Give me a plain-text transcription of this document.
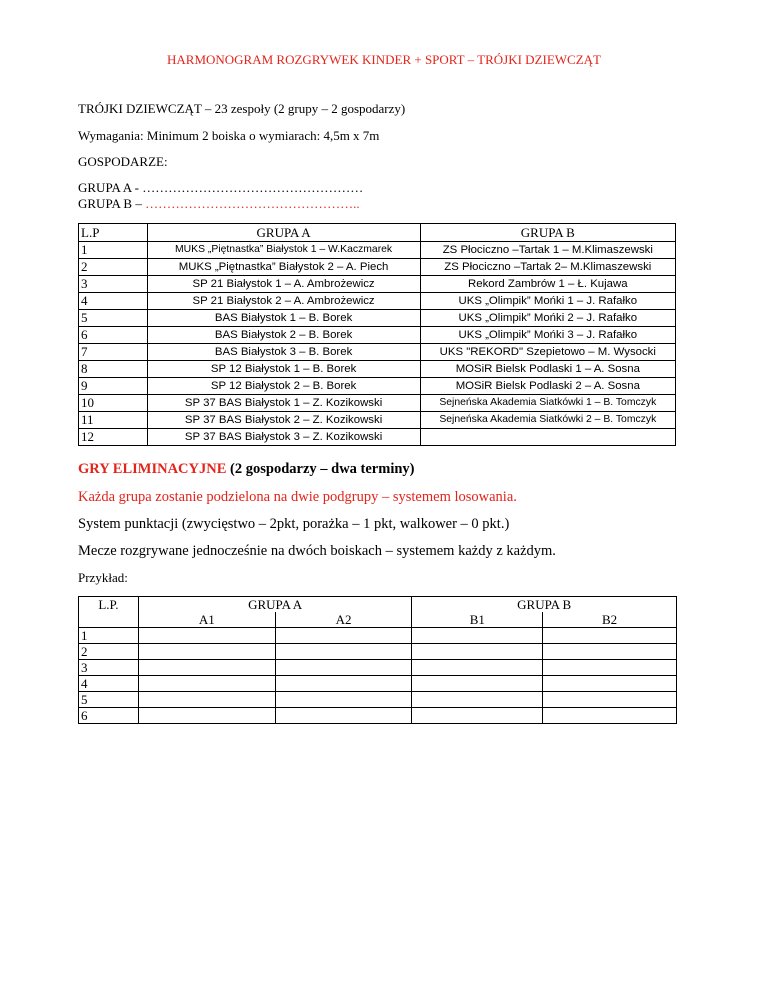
HARMONOGRAM ROZGRYWEK KINDER + SPORT – TRÓJKI DZIEWCZĄT
TRÓJKI DZIEWCZĄT – 23 zespoły (2 grupy – 2 gospodarzy)
Wymagania: Minimum 2 boiska o wymiarach: 4,5m x 7m
GOSPODARZE:
GRUPA A - ……………………………………………
GRUPA B – …………………………………………..
L.P	GRUPA A	GRUPA B
1	MUKS „Piętnastka” Białystok 1 – W.Kaczmarek	ZS Płociczno –Tartak 1 – M.Klimaszewski
2	MUKS „Piętnastka” Białystok 2 – A. Piech	ZS Płociczno –Tartak 2– M.Klimaszewski
3	SP 21 Białystok 1 – A. Ambrożewicz	Rekord Zambrów 1 – Ł. Kujawa
4	SP 21 Białystok 2 – A. Ambrożewicz	UKS „Olimpik” Mońki 1 – J. Rafałko
5	BAS Białystok 1 – B. Borek	UKS „Olimpik” Mońki 2 – J. Rafałko
6	BAS Białystok 2 – B. Borek	UKS „Olimpik” Mońki 3 – J. Rafałko
7	BAS Białystok 3 – B. Borek	UKS "REKORD" Szepietowo – M. Wysocki
8	SP 12 Białystok 1 – B. Borek	MOSiR Bielsk Podlaski 1 – A. Sosna
9	SP 12 Białystok 2 – B. Borek	MOSiR Bielsk Podlaski 2 – A. Sosna
10	SP 37 BAS Białystok 1 – Z. Kozikowski	Sejneńska Akademia Siatkówki 1 – B. Tomczyk
11	SP 37 BAS Białystok 2 – Z. Kozikowski	Sejneńska Akademia Siatkówki 2 – B. Tomczyk
12	SP 37 BAS Białystok 3 – Z. Kozikowski	
GRY ELIMINACYJNE (2 gospodarzy – dwa terminy)
Każda grupa zostanie podzielona na dwie podgrupy – systemem losowania.
System punktacji (zwycięstwo – 2pkt, porażka – 1 pkt, walkower – 0 pkt.)
Mecze rozgrywane jednocześnie na dwóch boiskach – systemem każdy z każdym.
Przykład:
L.P.	GRUPA A		GRUPA B	
	A1	A2	B1	B2
1				
2				
3				
4				
5				
6				
